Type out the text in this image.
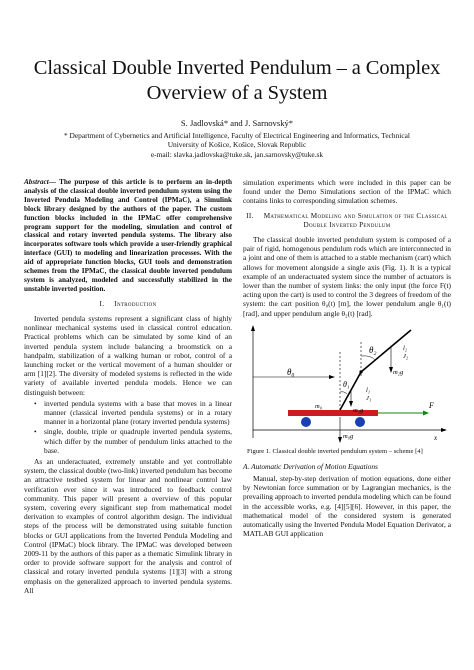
Classical Double Inverted Pendulum – a Complex
Overview of a System
S. Jadlovská* and J. Sarnovský*
* Department of Cybernetics and Artificial Intelligence, Faculty of Electrical Engineering and Informatics, Technical
University of Košice, Košice, Slovak Republic
e-mail: slavka.jadlovska@tuke.sk, jan.sarnovsky@tuke.sk

Abstract— The purpose of this article is to perform an in-depth analysis of the classical double inverted pendulum system using the Inverted Pendula Modeling and Control (IPMaC), a Simulink block library designed by the authors of the paper. The custom function blocks included in the IPMaC offer comprehensive program support for the modeling, simulation and control of classical and rotary inverted pendula systems. The library also incorporates software tools which provide a user-friendly graphical interface (GUI) to modeling and linearization processes. With the aid of appropriate function blocks, GUI tools and demonstration schemes from the IPMaC, the classical double inverted pendulum system is analyzed, modeled and successfully stabilized in the unstable inverted position.

I. Introduction

Inverted pendula systems represent a significant class of highly nonlinear mechanical systems used in classical control education. Practical problems which can be simulated by some kind of an inverted pendula system include balancing a broomstick on a handpalm, stabilization of a walking human or robot, control of a launching rocket or the vertical movement of a human shoulder or arm [1][2]. The diversity of modeled systems is reflected in the wide variety of available inverted pendula models. Hence we can distinguish between:

• inverted pendula systems with a base that moves in a linear manner (classical inverted pendula systems) or in a rotary manner in a horizontal plane (rotary inverted pendula systems)
• single, double, triple or quadruple inverted pendula systems, which differ by the number of pendulum links attached to the base.

As an underactuated, extremely unstable and yet controllable system, the classical double (two-link) inverted pendulum has become an attractive testbed system for linear and nonlinear control law verification ever since it was introduced to feedback control community. This paper will present a overview of this popular system, covering every significant step from mathematical model derivation to examples of control algorithm design. The individual steps of the process will be demonstrated using suitable function blocks or GUI applications from the Inverted Pendula Modeling and Control (IPMaC) block library. The IPMaC was developed between 2009-11 by the authors of this paper as a thematic Simulink library in order to provide software support for the analysis and control of classical and rotary inverted pendula systems [1][3] with a strong emphasis on the generalized approach to inverted pendula systems. All

simulation experiments which were included in this paper can be found under the Demo Simulations section of the IPMaC which contains links to corresponding simulation schemes.

II. Mathematical Modeling and Simulation of the Classical Double Inverted Pendulum

The classical double inverted pendulum system is composed of a pair of rigid, homogenous pendulum rods which are interconnected in a joint and one of them is attached to a stable mechanism (cart) which allows for movement alongside a single axis (Fig. 1). It is a typical example of an underactuated system since the number of actuators is lower than the number of system links: the only input (the force F(t) acting upon the cart) is used to control the 3 degrees of freedom of the system: the cart position θ₀(t) [m], the lower pendulum angle θ₁(t) [rad], and upper pendulum angle θ₂(t) [rad].

θ₂	l₂
J₂
m₂g
θ₁
l₁
J₁
m₁g
θ₀
m₀	F
m₀g	x
Figure 1. Classical double inverted pendulum system – scheme [4]
A. Automatic Derivation of Motion Equations

Manual, step-by-step derivation of motion equations, done either by Newtonian force summation or by Lagrangian mechanics, is the prevailing approach to inverted pendula modeling which can be found in the accessible works, e.g. [4][5][6]. However, in this paper, the mathematical model of the considered system is generated automatically using the Inverted Pendula Model Equation Derivator, a MATLAB GUI application
